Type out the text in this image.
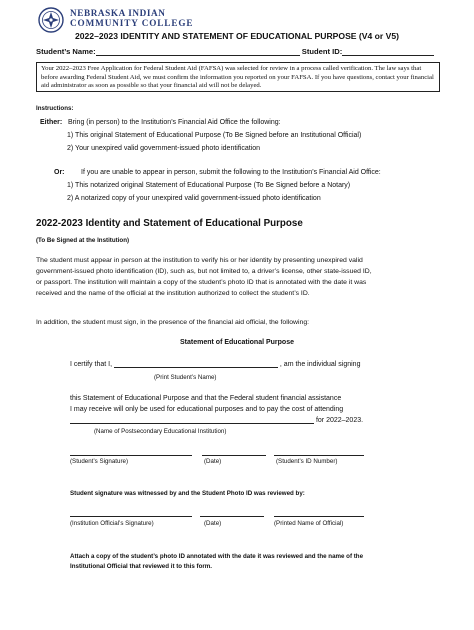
NEBRASKA INDIAN
COMMUNITY COLLEGE
2022–2023 IDENTITY AND STATEMENT OF EDUCATIONAL PURPOSE (V4 or V5)
Student’s Name:	Student ID:
Your 2022–2023 Free Application for Federal Student Aid (FAFSA) was selected for review in a process called verification. The law says that before awarding Federal Student Aid, we must confirm the information you reported on your FAFSA. If you have questions, contact your financial aid administrator as soon as possible so that your financial aid will not be delayed.
Instructions:
Either: Bring (in person) to the Institution’s Financial Aid Office the following:
1) This original Statement of Educational Purpose (To Be Signed before an Institutional Official)
2) Your unexpired valid government-issued photo identification
Or: If you are unable to appear in person, submit the following to the Institution’s Financial Aid Office:
1) This notarized original Statement of Educational Purpose (To Be Signed before a Notary)
2) A notarized copy of your unexpired valid government-issued photo identification
2022-2023 Identity and Statement of Educational Purpose
(To Be Signed at the Institution)
The student must appear in person at the institution to verify his or her identity by presenting unexpired valid
government-issued photo identification (ID), such as, but not limited to, a driver’s license, other state-issued ID,
or passport. The institution will maintain a copy of the student’s photo ID that is annotated with the date it was
received and the name of the official at the institution authorized to collect the student’s ID.
In addition, the student must sign, in the presence of the financial aid official, the following:
Statement of Educational Purpose
I certify that I,	, am the individual signing
(Print Student’s Name)
this Statement of Educational Purpose and that the Federal student financial assistance
I may receive will only be used for educational purposes and to pay the cost of attending
for 2022–2023.
(Name of Postsecondary Educational Institution)
(Student’s Signature)	(Date)	(Student’s ID Number)
Student signature was witnessed by and the Student Photo ID was reviewed by:
(Institution Official’s Signature)	(Date)	(Printed Name of Official)
Attach a copy of the student’s photo ID annotated with the date it was reviewed and the name of the
Institutional Official that reviewed it to this form.
